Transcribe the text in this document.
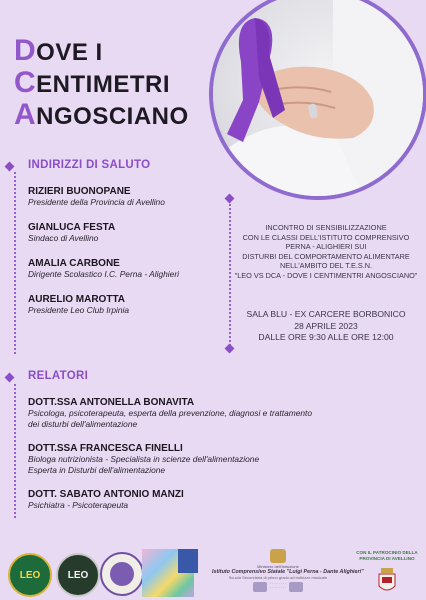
DOVE I
CENTIMETRI
ANGOSCIANO
INDIRIZZI DI SALUTO
RIZIERI BUONOPANE
Presidente della Provincia di Avellino
GIANLUCA FESTA
Sindaco di Avellino
AMALIA CARBONE
Dirigente Scolastico I.C. Perna - Alighieri
AURELIO MAROTTA
Presidente Leo Club Irpinia
INCONTRO DI SENSIBILIZZAZIONE
CON LE CLASSI DELL'ISTITUTO COMPRENSIVO
PERNA - ALIGHIERI SUI
DISTURBI DEL COMPORTAMENTO ALIMENTARE
NELL'AMBITO DEL T.E.S.N.
"LEO VS DCA - DOVE I CENTIMENTRI ANGOSCIANO"
SALA BLU - EX CARCERE BORBONICO
28 APRILE 2023
DALLE ORE 9:30 ALLE ORE 12:00
RELATORI
DOTT.SSA ANTONELLA BONAVITA
Psicologa, psicoterapeuta, esperta della prevenzione, diagnosi e trattamento
dei disturbi dell'alimentazione
DOTT.SSA FRANCESCA FINELLI
Biologa nutrizionista - Specialista in scienze dell'alimentazione
Esperta in Disturbi dell'alimentazione
DOTT. SABATO ANTONIO MANZI
Psichiatra - Psicoterapeuta
LEO	LEO
Ministero dell'Istruzione
Istituto Comprensivo Statale "Luigi Perna - Dante Alighieri"
Scuola Secondaria di primo grado ad indirizzo musicale
· · · · · · · ·
· · · · · · · ·
CON IL PATROCINIO DELLA PROVINCIA DI AVELLINO
